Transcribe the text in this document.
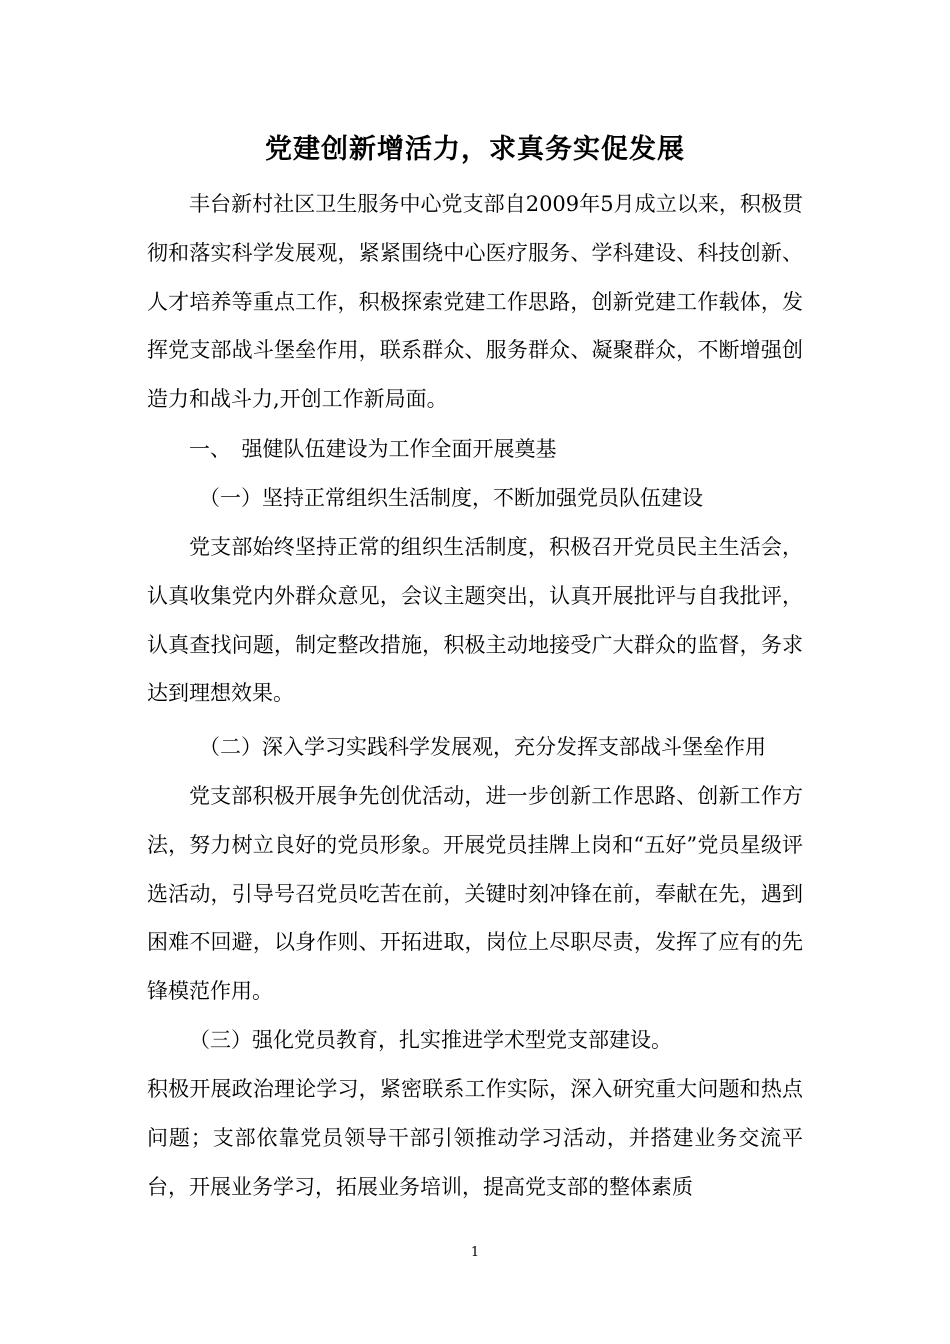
党建创新增活力，求真务实促发展
丰台新村社区卫生服务中心党支部自2009年5月成立以来，积极贯彻和落实科学发展观，紧紧围绕中心医疗服务、学科建设、科技创新、人才培养等重点工作，积极探索党建工作思路，创新党建工作载体，发挥党支部战斗堡垒作用，联系群众、服务群众、凝聚群众，不断增强创造力和战斗力,开创工作新局面。
一、　强健队伍建设为工作全面开展奠基
（一）坚持正常组织生活制度，不断加强党员队伍建设
党支部始终坚持正常的组织生活制度，积极召开党员民主生活会，认真收集党内外群众意见，会议主题突出，认真开展批评与自我批评，认真查找问题，制定整改措施，积极主动地接受广大群众的监督，务求达到理想效果。
（二）深入学习实践科学发展观，充分发挥支部战斗堡垒作用
党支部积极开展争先创优活动，进一步创新工作思路、创新工作方法，努力树立良好的党员形象。开展党员挂牌上岗和“五好”党员星级评选活动，引导号召党员吃苦在前，关键时刻冲锋在前，奉献在先，遇到困难不回避，以身作则、开拓进取，岗位上尽职尽责，发挥了应有的先锋模范作用。
（三）强化党员教育，扎实推进学术型党支部建设。
积极开展政治理论学习，紧密联系工作实际，深入研究重大问题和热点问题；支部依靠党员领导干部引领推动学习活动，并搭建业务交流平台，开展业务学习，拓展业务培训，提高党支部的整体素质
1
